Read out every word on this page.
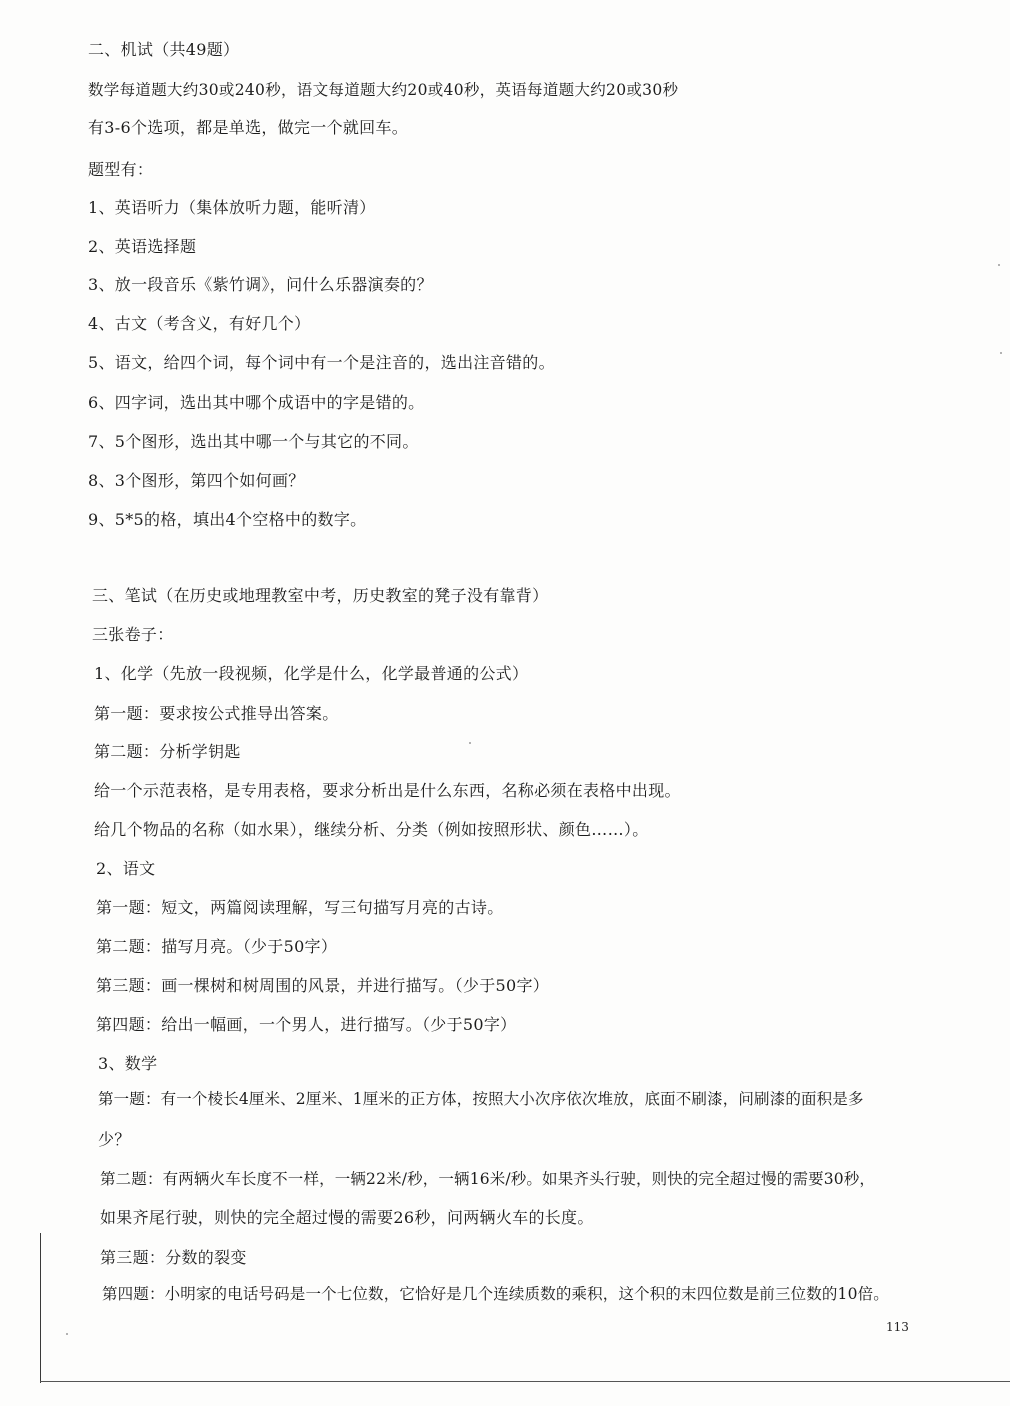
二、机试（共49题）
数学每道题大约30或240秒，语文每道题大约20或40秒，英语每道题大约20或30秒
有3-6个选项，都是单选，做完一个就回车。
题型有：
1、英语听力（集体放听力题，能听清）
2、英语选择题
3、放一段音乐《紫竹调》，问什么乐器演奏的？
4、古文（考含义，有好几个）
5、语文，给四个词，每个词中有一个是注音的，选出注音错的。
6、四字词，选出其中哪个成语中的字是错的。
7、5个图形，选出其中哪一个与其它的不同。
8、3个图形，第四个如何画？
9、5*5的格，填出4个空格中的数字。
三、笔试（在历史或地理教室中考，历史教室的凳子没有靠背）
三张卷子：
1、化学（先放一段视频，化学是什么，化学最普通的公式）
第一题：要求按公式推导出答案。
第二题：分析学钥匙
给一个示范表格，是专用表格，要求分析出是什么东西，名称必须在表格中出现。
给几个物品的名称（如水果），继续分析、分类（例如按照形状、颜色……）。
2、语文
第一题：短文，两篇阅读理解，写三句描写月亮的古诗。
第二题：描写月亮。（少于50字）
第三题：画一棵树和树周围的风景，并进行描写。（少于50字）
第四题：给出一幅画，一个男人，进行描写。（少于50字）
3、数学
第一题：有一个棱长4厘米、2厘米、1厘米的正方体，按照大小次序依次堆放，底面不刷漆，问刷漆的面积是多
少？
第二题：有两辆火车长度不一样，一辆22米/秒，一辆16米/秒。如果齐头行驶，则快的完全超过慢的需要30秒，
如果齐尾行驶，则快的完全超过慢的需要26秒，问两辆火车的长度。
第三题：分数的裂变
第四题：小明家的电话号码是一个七位数，它恰好是几个连续质数的乘积，这个积的末四位数是前三位数的10倍。
113
